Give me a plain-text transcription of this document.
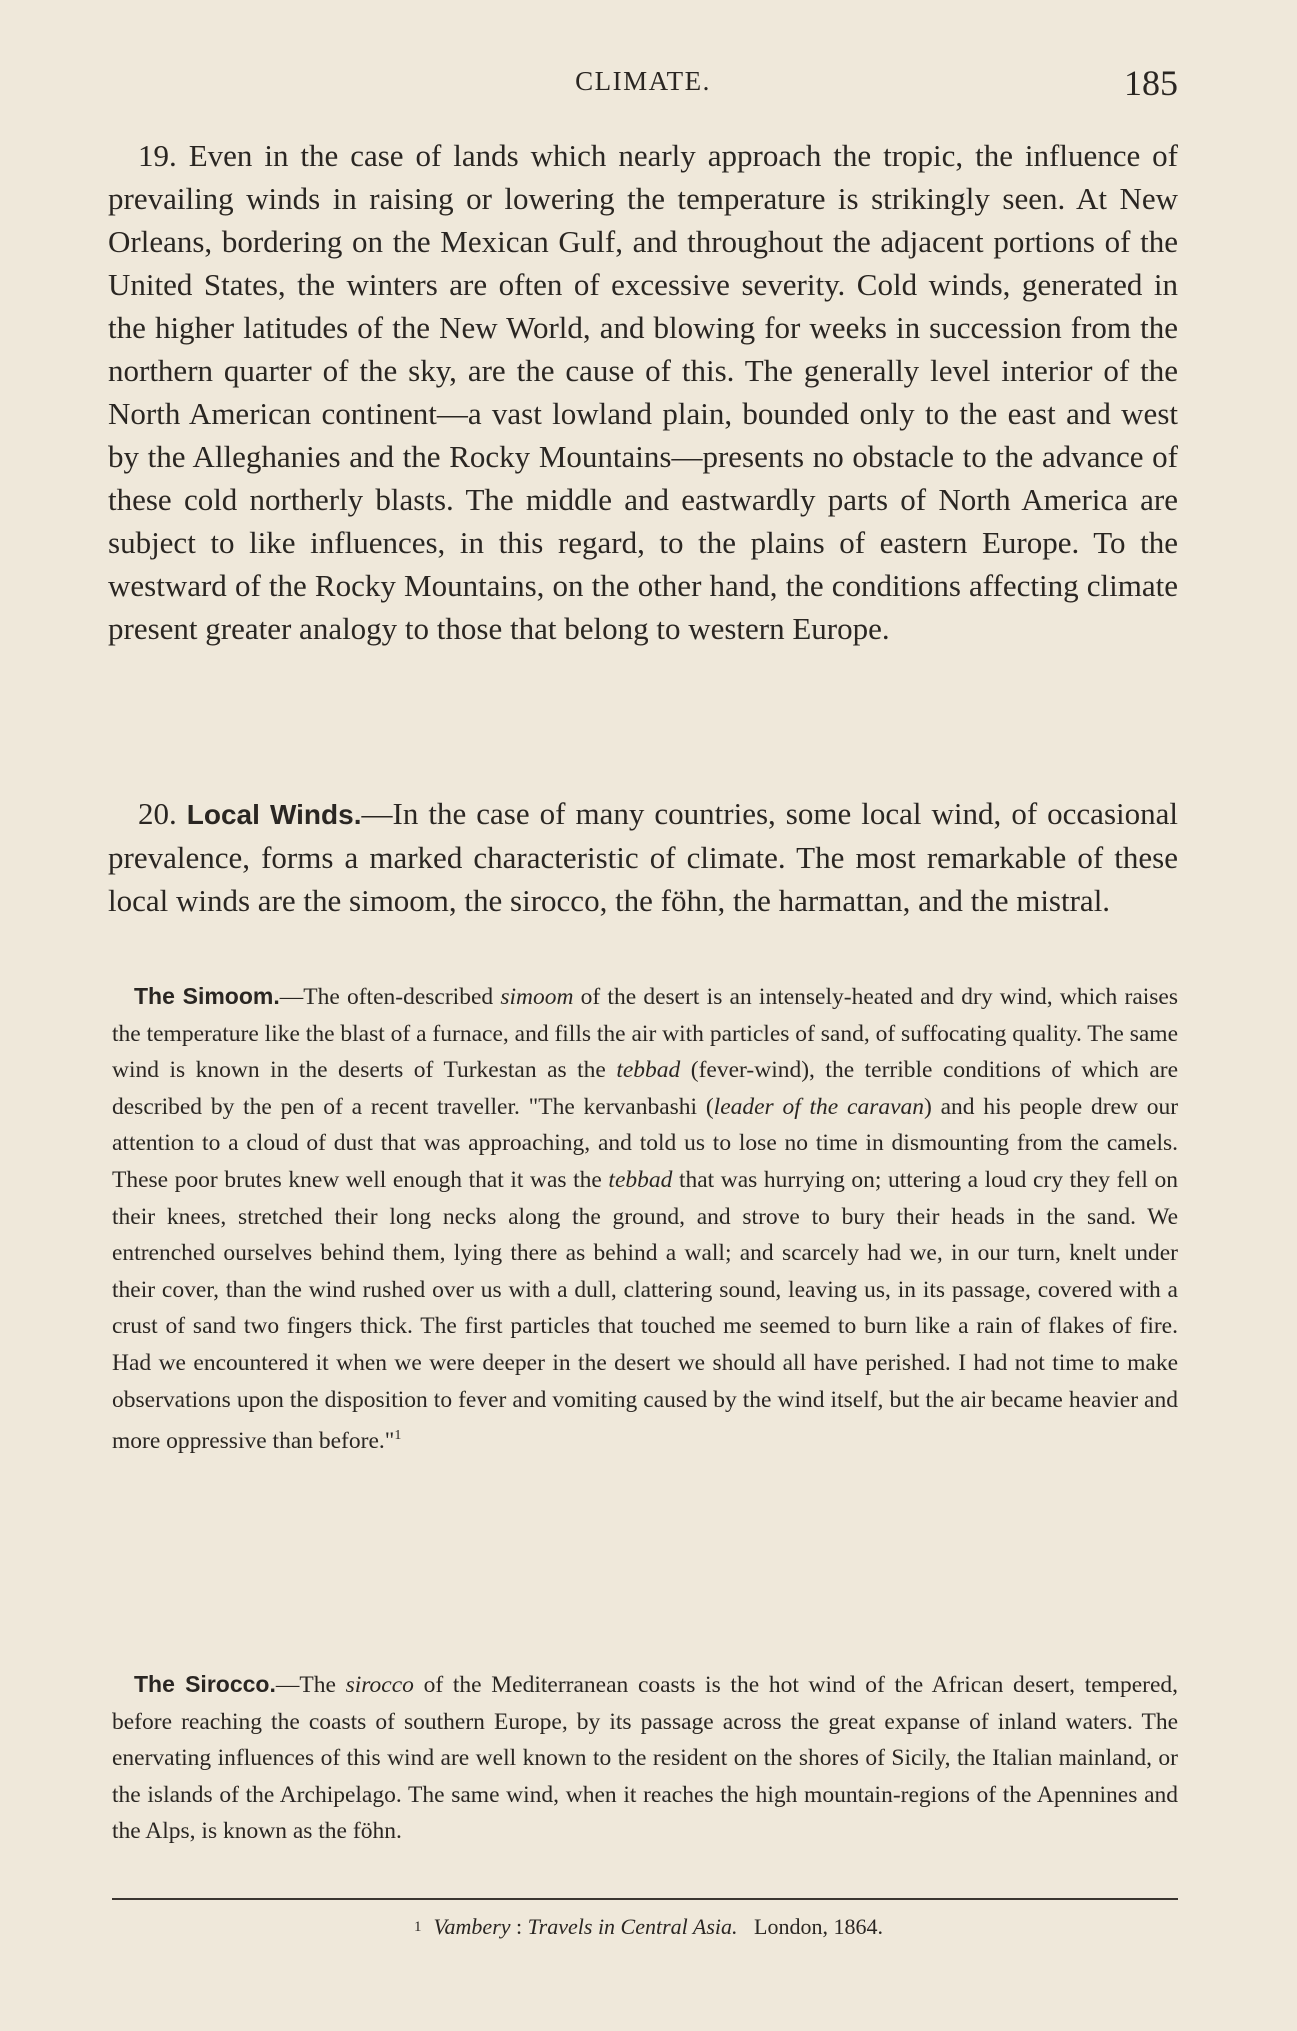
CLIMATE.	185

19. Even in the case of lands which nearly approach the tropic, the influence of prevailing winds in raising or lowering the temperature is strikingly seen. At New Orleans, bordering on the Mexican Gulf, and throughout the adjacent portions of the United States, the winters are often of excessive severity. Cold winds, generated in the higher latitudes of the New World, and blowing for weeks in succession from the northern quarter of the sky, are the cause of this. The generally level interior of the North American continent—a vast lowland plain, bounded only to the east and west by the Alleghanies and the Rocky Mountains—presents no obstacle to the advance of these cold northerly blasts. The middle and eastwardly parts of North America are subject to like influences, in this regard, to the plains of eastern Europe. To the westward of the Rocky Mountains, on the other hand, the conditions affecting climate present greater analogy to those that belong to western Europe.

20. Local Winds.—In the case of many countries, some local wind, of occasional prevalence, forms a marked characteristic of climate. The most remarkable of these local winds are the simoom, the sirocco, the föhn, the harmattan, and the mistral.

The Simoom.—The often-described simoom of the desert is an intensely-heated and dry wind, which raises the temperature like the blast of a furnace, and fills the air with particles of sand, of suffocating quality. The same wind is known in the deserts of Turkestan as the tebbad (fever-wind), the terrible conditions of which are described by the pen of a recent traveller. "The kervanbashi (leader of the caravan) and his people drew our attention to a cloud of dust that was approaching, and told us to lose no time in dismounting from the camels. These poor brutes knew well enough that it was the tebbad that was hurrying on; uttering a loud cry they fell on their knees, stretched their long necks along the ground, and strove to bury their heads in the sand. We entrenched ourselves behind them, lying there as behind a wall; and scarcely had we, in our turn, knelt under their cover, than the wind rushed over us with a dull, clattering sound, leaving us, in its passage, covered with a crust of sand two fingers thick. The first particles that touched me seemed to burn like a rain of flakes of fire. Had we encountered it when we were deeper in the desert we should all have perished. I had not time to make observations upon the disposition to fever and vomiting caused by the wind itself, but the air became heavier and more oppressive than before."$^1$

The Sirocco.—The sirocco of the Mediterranean coasts is the hot wind of the African desert, tempered, before reaching the coasts of southern Europe, by its passage across the great expanse of inland waters. The enervating influences of this wind are well known to the resident on the shores of Sicily, the Italian mainland, or the islands of the Archipelago. The same wind, when it reaches the high mountain-regions of the Apennines and the Alps, is known as the föhn.

1 Vambery : Travels in Central Asia. London, 1864.
